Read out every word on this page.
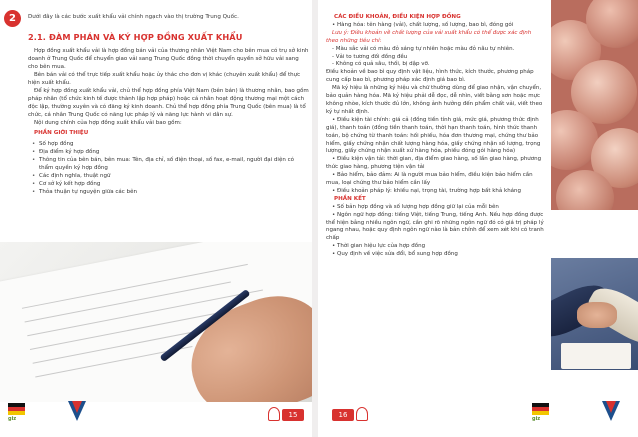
2	Dưới đây là các bước xuất khẩu vải chính ngạch vào thị trường Trung Quốc.
2.1. ĐÀM PHÁN VÀ KÝ HỢP ĐỒNG XUẤT KHẨU

Hợp đồng xuất khẩu vải là hợp đồng bán vải của thương nhân Việt Nam cho bên mua có trụ sở kinh doanh ở Trung Quốc để chuyển giao vải sang Trung Quốc đồng thời chuyển quyền sở hữu vải sang cho bên mua.

Bên bán vải có thể trực tiếp xuất khẩu hoặc ủy thác cho đơn vị khác (chuyên xuất khẩu) để thực hiện xuất khẩu.

Để ký hợp đồng xuất khẩu vải, chủ thể hợp đồng phía Việt Nam (bên bán) là thương nhân, bao gồm pháp nhân (tổ chức kinh tế được thành lập hợp pháp) hoặc cá nhân hoạt động thương mại một cách độc lập, thường xuyên và có đăng ký kinh doanh. Chủ thể hợp đồng phía Trung Quốc (bên mua) là tổ chức, cá nhân Trung Quốc có năng lực pháp lý và năng lực hành vi dân sự.

Nội dung chính của hợp đồng xuất khẩu vải bao gồm:

PHẦN GIỚI THIỆU
• Số hợp đồng
• Địa điểm ký hợp đồng
• Thông tin của bên bán, bên mua: Tên, địa chỉ, số điện thoại, số fax, e-mail, người đại diện có thẩm quyền ký hợp đồng
• Các định nghĩa, thuật ngữ
• Cơ sở ký kết hợp đồng
• Thỏa thuận tự nguyện giữa các bên
giz	15
CÁC ĐIỀU KHOẢN, ĐIỀU KIỆN HỢP ĐỒNG

• Hàng hóa: tên hàng (vải), chất lượng, số lượng, bao bì, đóng gói

Lưu ý: Điều khoản về chất lượng của vải xuất khẩu có thể được xác định theo những tiêu chí:

- Màu sắc vải có màu đỏ sáng tự nhiên hoặc màu đỏ nâu tự nhiên.

- Vải to tương đối đồng đều

- Không có quả sâu, thối, bị dập vỡ.

Điều khoản về bao bì quy định vật liệu, hình thức, kích thước, phương pháp cung cấp bao bì, phương pháp xác định giá bao bì.

Mã ký hiệu là những ký hiệu và chữ thường dùng để giao nhận, vận chuyển, bảo quản hàng hóa. Mã ký hiệu phải dễ đọc, dễ nhìn, viết bằng sơn hoặc mực không nhòe, kích thước đủ lớn, không ảnh hưởng đến phẩm chất vải, viết theo ký tự nhất định.

• Điều kiện tài chính: giá cả (đồng tiền tính giá, mức giá, phương thức định giá), thanh toán (đồng tiền thanh toán, thời hạn thanh toán, hình thức thanh toán, bộ chứng từ thanh toán: hối phiếu, hóa đơn thương mại, chứng thư bảo hiểm, giấy chứng nhận chất lượng hàng hóa, giấy chứng nhận số lượng, trọng lượng, giấy chứng nhận xuất xứ hàng hóa, phiếu đóng gói hàng hóa)

• Điều kiện vận tải: thời gian, địa điểm giao hàng, số lần giao hàng, phương thức giao hàng, phương tiện vận tải

• Bảo hiểm, bảo đảm: Ai là người mua bảo hiểm, điều kiện bảo hiểm cần mua, loại chứng thư bảo hiểm cần lấy

• Điều khoản pháp lý: khiếu nại, trọng tài, trường hợp bất khả kháng

PHẦN KẾT

• Số bản hợp đồng và số lượng hợp đồng giữ lại của mỗi bên

• Ngôn ngữ hợp đồng: tiếng Việt, tiếng Trung, tiếng Anh. Nếu hợp đồng được thể hiện bằng nhiều ngôn ngữ, cần ghi rõ những ngôn ngữ đó có giá trị pháp lý ngang nhau, hoặc quy định ngôn ngữ nào là bản chính để xem xét khi có tranh chấp

• Thời gian hiệu lực của hợp đồng

• Quy định về việc sửa đổi, bổ sung hợp đồng

16	giz
